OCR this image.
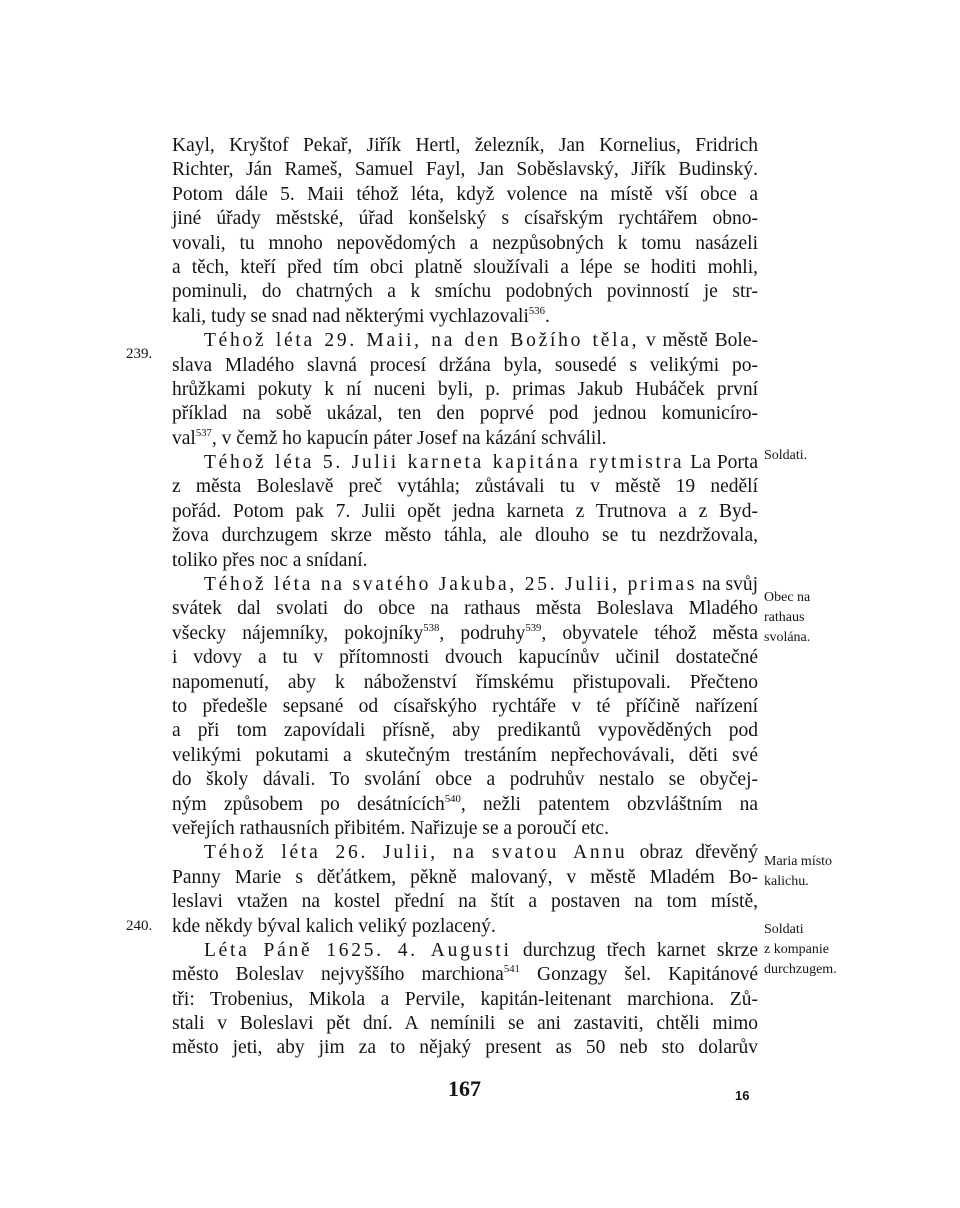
Kayl, Kryštof Pekař, Jiřík Hertl, železník, Jan Kornelius, Fridrich
Richter, Ján Rameš, Samuel Fayl, Jan Soběslavský, Jiřík Budinský.
Potom dále 5. Maii téhož léta, když volence na místě vší obce a
jiné úřady městské, úřad konšelský s císařským rychtářem obno-
vovali, tu mnoho nepovědomých a nezpůsobných k tomu nasázeli
a těch, kteří před tím obci platně sloužívali a lépe se hoditi mohli,
pominuli, do chatrných a k smíchu podobných povinností je str-
kali, tudy se snad nad některými vychlazovali$^{536}$.
Téhož léta 29. Maii, na den Božího těla, v městě Bole-
slava Mladého slavná procesí držána byla, sousedé s velikými po-
hrůžkami pokuty k ní nuceni byli, p. primas Jakub Hubáček první
příklad na sobě ukázal, ten den poprvé pod jednou komunicíro-
val$^{537}$, v čemž ho kapucín páter Josef na kázání schválil.
Téhož léta 5. Julii karneta kapitána rytmistra La Porta
z města Boleslavě preč vytáhla; zůstávali tu v městě 19 nedělí
pořád. Potom pak 7. Julii opět jedna karneta z Trutnova a z Byd-
žova durchzugem skrze město táhla, ale dlouho se tu nezdržovala,
toliko přes noc a snídaní.
Téhož léta na svatého Jakuba, 25. Julii, primas na svůj
svátek dal svolati do obce na rathaus města Boleslava Mladého
všecky nájemníky, pokojníky$^{538}$, podruhy$^{539}$, obyvatele téhož města
i vdovy a tu v přítomnosti dvouch kapucínův učinil dostatečné
napomenutí, aby k náboženství římskému přistupovali. Přečteno
to předešle sepsané od císařskýho rychtáře v té příčině nařízení
a při tom zapovídali přísně, aby predikantů vypověděných pod
velikými pokutami a skutečným trestáním nepřechovávali, děti své
do školy dávali. To svolání obce a podruhův nestalo se obyčej-
ným způsobem po desátnících$^{540}$, nežli patentem obzvláštním na
veřejích rathausních přibitém. Nařizuje se a poroučí etc.
Téhož léta 26. Julii, na svatou Annu obraz dřevěný
Panny Marie s děťátkem, pěkně malovaný, v městě Mladém Bo-
leslavi vtažen na kostel přední na štít a postaven na tom místě,
kde někdy býval kalich veliký pozlacený.
Léta Páně 1625. 4. Augusti durchzug třech karnet skrze
město Boleslav nejvyššího marchiona$^{541}$ Gonzagy šel. Kapitánové
tři: Trobenius, Mikola a Pervile, kapitán-leitenant marchiona. Zů-
stali v Boleslavi pět dní. A nemínili se ani zastaviti, chtěli mimo
město jeti, aby jim za to nějaký present as 50 neb sto dolarův
239.
240.
Soldati.
Obec na
rathaus
svolána.
Maria místo
kalichu.
Soldati
z kompanie
durchzugem.
167	16
